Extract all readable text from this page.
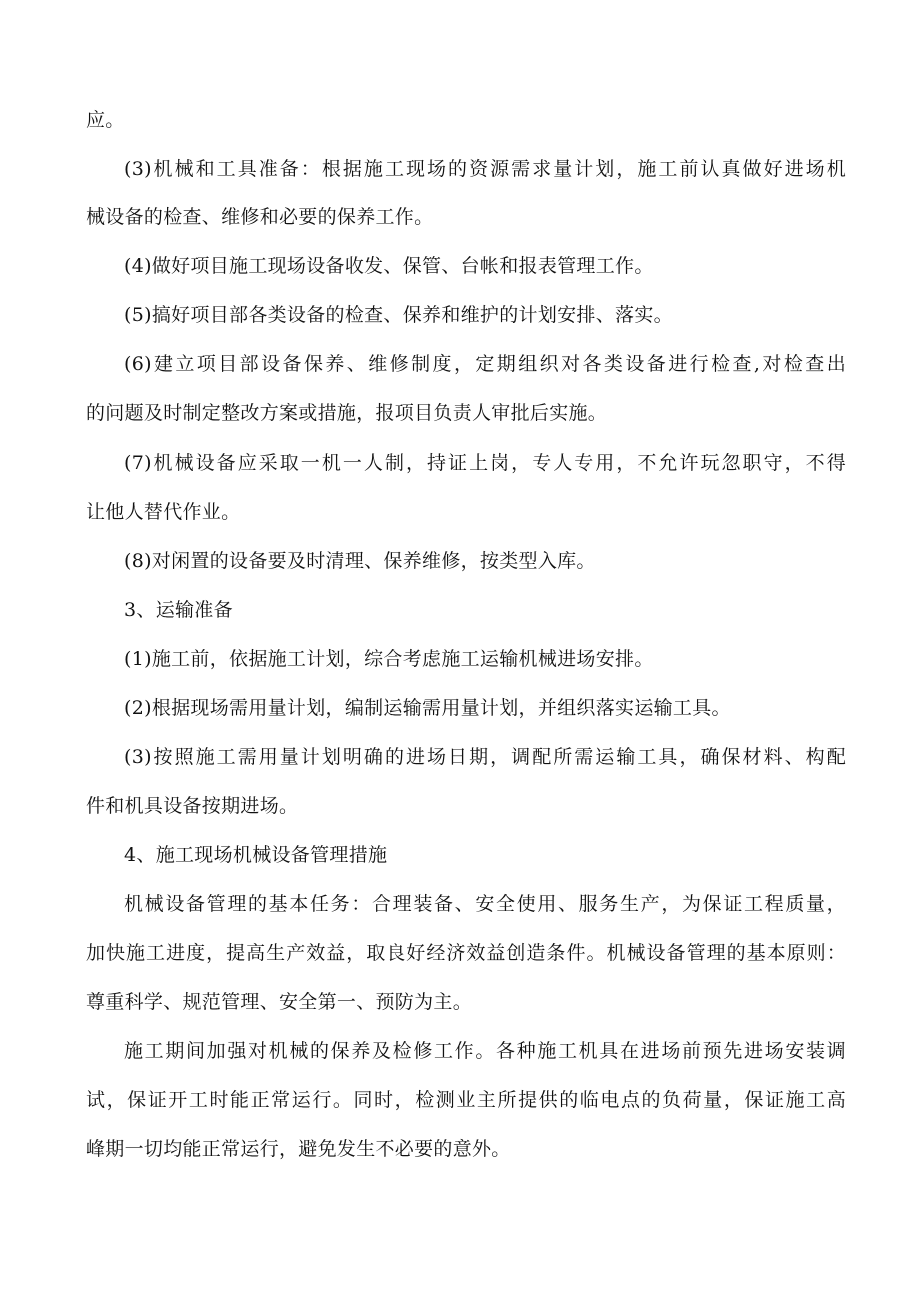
应。
(3)机械和工具准备：根据施工现场的资源需求量计划，施工前认真做好进场机
械设备的检查、维修和必要的保养工作。
(4)做好项目施工现场设备收发、保管、台帐和报表管理工作。
(5)搞好项目部各类设备的检查、保养和维护的计划安排、落实。
(6)建立项目部设备保养、维修制度，定期组织对各类设备进行检查,对检查出
的问题及时制定整改方案或措施，报项目负责人审批后实施。
(7)机械设备应采取一机一人制，持证上岗，专人专用，不允许玩忽职守，不得
让他人替代作业。
(8)对闲置的设备要及时清理、保养维修，按类型入库。
3、运输准备
(1)施工前，依据施工计划，综合考虑施工运输机械进场安排。
(2)根据现场需用量计划，编制运输需用量计划，并组织落实运输工具。
(3)按照施工需用量计划明确的进场日期，调配所需运输工具，确保材料、构配
件和机具设备按期进场。
4、施工现场机械设备管理措施
机械设备管理的基本任务：合理装备、安全使用、服务生产，为保证工程质量，
加快施工进度，提高生产效益，取良好经济效益创造条件。机械设备管理的基本原则：
尊重科学、规范管理、安全第一、预防为主。
施工期间加强对机械的保养及检修工作。各种施工机具在进场前预先进场安装调
试，保证开工时能正常运行。同时，检测业主所提供的临电点的负荷量，保证施工高
峰期一切均能正常运行，避免发生不必要的意外。
